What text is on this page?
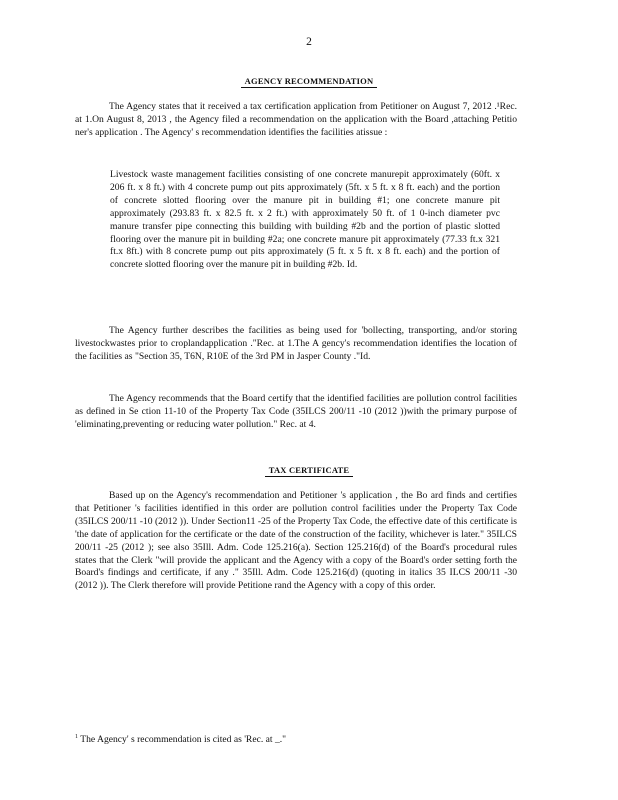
2
AGENCY RECOMMENDATION

The Agency states that it received a tax certification application from Petitioner on August 7, 2012 .¹Rec. at 1.On August 8, 2013 , the Agency filed a recommendation on the application with the Board ,attaching Petitio ner's application . The Agency' s recommendation identifies the facilities atissue :

Livestock waste management facilities consisting of one concrete manurepit approximately (60ft. x 206 ft. x 8 ft.) with 4 concrete pump out pits approximately (5ft. x 5 ft. x 8 ft. each) and the portion of concrete slotted flooring over the manure pit in building #1; one concrete manure pit approximately (293.83 ft. x 82.5 ft. x 2 ft.) with approximately 50 ft. of 1 0-inch diameter pvc manure transfer pipe connecting this building with building #2b and the portion of plastic slotted flooring over the manure pit in building #2a; one concrete manure pit approximately (77.33 ft.x 321 ft.x 8ft.) with 8 concrete pump out pits approximately (5 ft. x 5 ft. x 8 ft. each) and the portion of concrete slotted flooring over the manure pit in building #2b. Id.

The Agency further describes the facilities as being used for 'bollecting, transporting, and/or storing livestockwastes prior to croplandapplication ."Rec. at 1.The A gency's recommendation identifies the location of the facilities as "Section 35, T6N, R10E of the 3rd PM in Jasper County ."Id.

The Agency recommends that the Board certify that the identified facilities are pollution control facilities as defined in Se ction 11-10 of the Property Tax Code (35ILCS 200/11 -10 (2012 ))with the primary purpose of 'eliminating,preventing or reducing water pollution." Rec. at 4.

TAX CERTIFICATE

Based up on the Agency's recommendation and Petitioner 's application , the Bo ard finds and certifies that Petitioner 's facilities identified in this order are pollution control facilities under the Property Tax Code (35ILCS 200/11 -10 (2012 )). Under Section11 -25 of the Property Tax Code, the effective date of this certificate is 'the date of application for the certificate or the date of the construction of the facility, whichever is later." 35ILCS 200/11 -25 (2012 ); see also 35Ill. Adm. Code 125.216(a). Section 125.216(d) of the Board's procedural rules states that the Clerk "will provide the applicant and the Agency with a copy of the Board's order setting forth the Board's findings and certificate, if any ." 35Ill. Adm. Code 125.216(d) (quoting in italics 35 ILCS 200/11 -30 (2012 )). The Clerk therefore will provide Petitione rand the Agency with a copy of this order.

$^1$ The Agency' s recommendation is cited as 'Rec. at _."
